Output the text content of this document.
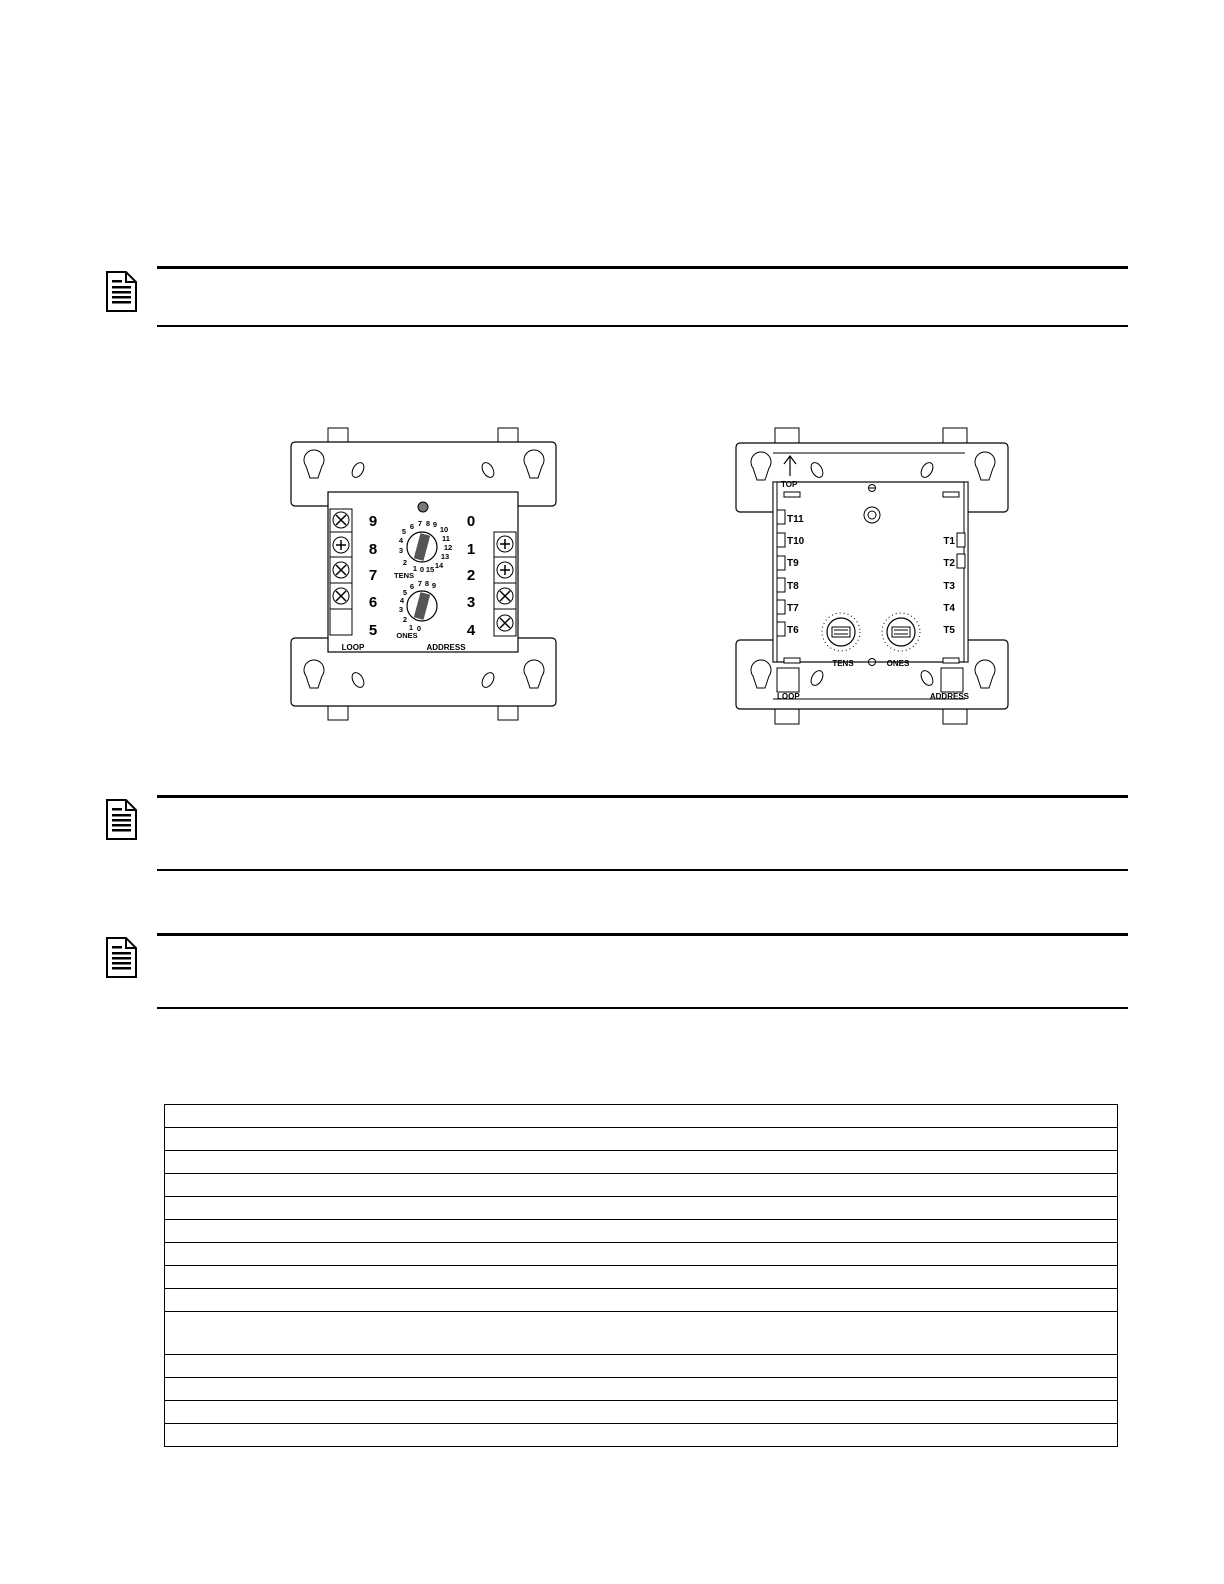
9
8
7
6
5
0
1
2
3
4
1
2
3
4
5
6 7 8 9
10
11
12
13
14
15
0
TENS
1
2
3
4
5
6 7 8 9
0
ONES
LOOP	ADDRESS
TOP
T11
T10
T9
T8
T7
T6
T1
T2
T3
T4
T5
TENS	ONES
LOOP	ADDRESS
